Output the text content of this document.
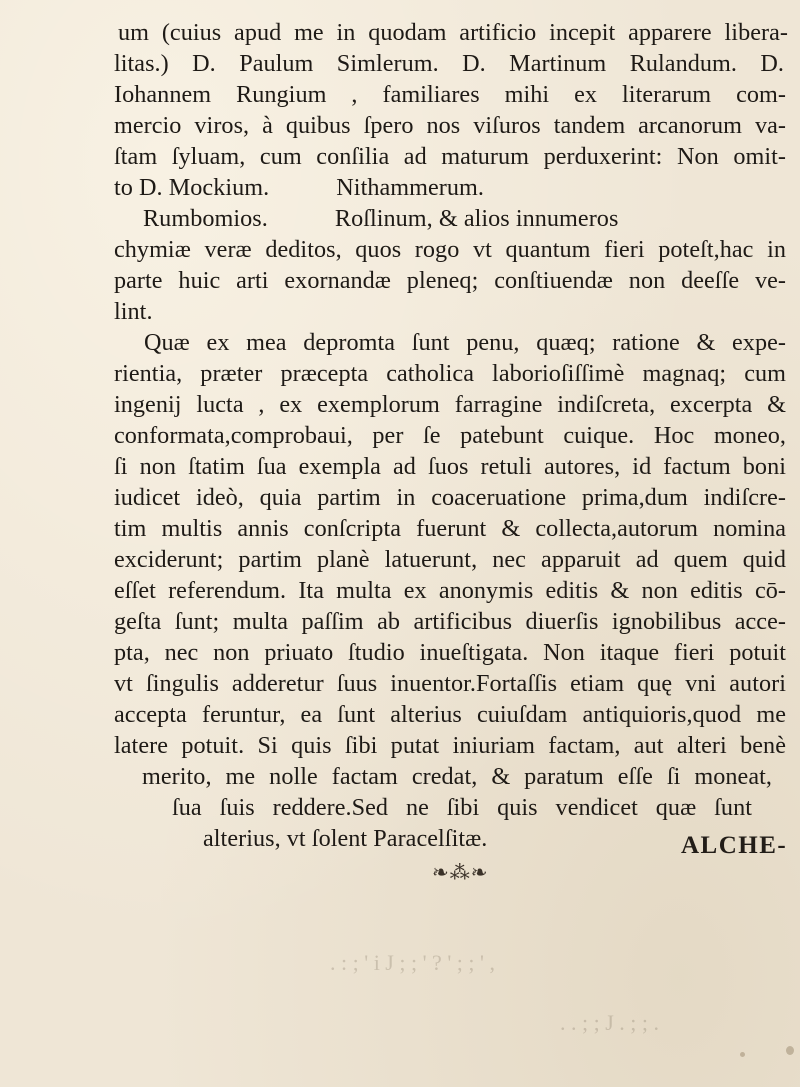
um (cuius apud me in quodam artificio incepit apparere libera-
litas.) D. Paulum Simlerum. D. Martinum Rulandum. D.
Iohannem Rungium , familiares mihi ex literarum com-
mercio viros, à quibus ſpero nos viſuros tandem arcanorum va-
ſtam ſyluam, cum conſilia ad maturum perduxerint: Non omit-
to D. Mockium.           Nithammerum.
Rumbomios.           Roſlinum, & alios innumeros
chymiæ veræ deditos, quos rogo vt quantum fieri poteſt,hac in
parte huic arti exornandæ pleneq; conſtiuendæ non deeſſe ve-
lint.
Quæ ex mea depromta ſunt penu, quæq; ratione & expe-
rientia, præter præcepta catholica laborioſiſſimè magnaq; cum
ingenij lucta , ex exemplorum farragine indiſcreta, excerpta &
conformata,comprobaui, per ſe patebunt cuique. Hoc moneo,
ſi non ſtatim ſua exempla ad ſuos retuli autores, id factum boni
iudicet ideò, quia partim in coaceruatione prima,dum indiſcre-
tim multis annis conſcripta fuerunt & collecta,autorum nomina
exciderunt; partim planè latuerunt, nec apparuit ad quem quid
eſſet referendum. Ita multa ex anonymis editis & non editis cō-
geſta ſunt; multa paſſim ab artificibus diuerſis ignobilibus acce-
pta, nec non priuato ſtudio inueſtigata. Non itaque fieri potuit
vt ſingulis adderetur ſuus inuentor.Fortaſſis etiam quę vni autori
accepta feruntur, ea ſunt alterius cuiuſdam antiquioris,quod me
latere potuit. Si quis ſibi putat iniuriam factam, aut alteri benè
merito, me nolle factam credat, & paratum eſſe ſi moneat,
ſua ſuis reddere.Sed ne ſibi quis vendicet quæ ſunt
alterius, vt ſolent Paracelſitæ.
❧⁂❧
ALCHE-
. : ; ' i J ; ; ' ? ' ; ; ' ,
. . ; ; J . ; ; .
